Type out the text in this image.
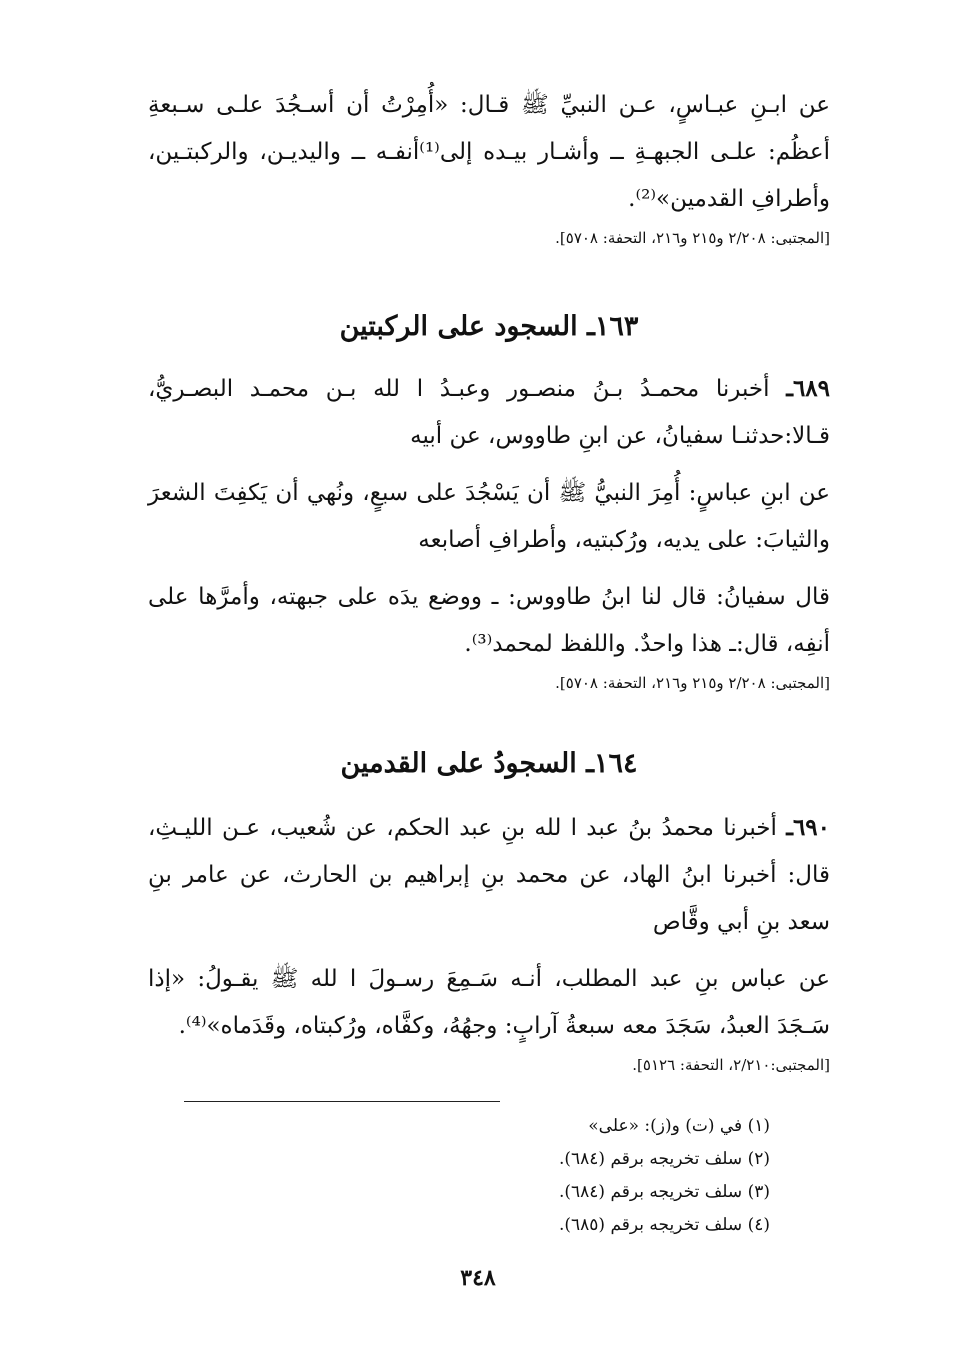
عن ابـنِ عبـاسٍ، عـن النبيِّ ﷺ قـال: «أُمِرْتُ أن أسـجُدَ علـى سـبعةِ أعظُم: علـى الجبهـةِ ــ وأشـار بيـده إلى⁽¹⁾أنفـه ــ واليديـن، والركبتـين، وأطرافِ القدمين»⁽²⁾.

[المجتبى: ٢/٢٠٨ و٢١٥ و٢١٦، التحفة: ٥٧٠٨].

١٦٣ـ السجود على الركبتين

٦٨٩ـ أخبرنا محمـدُ بـنُ منصـور وعبـدُ ا لله بـن محمـد البصـريُّ، قـالا:حدثنـا سفيانُ، عن ابنِ طاووس، عن أبيه

عن ابنِ عباسٍ: أُمِرَ النبيُّ ﷺ أن يَسْجُدَ على سبعٍ، ونُهي أن يَكفِتَ الشعرَ والثيابَ: على يديه، ورُكبتيه، وأطرافِ أصابعه

قال سفيانُ: قال لنا ابنُ طاووس: ـ ووضع يدَه على جبهته، وأمرَّها على أنفِه، قال:ـ هذا واحدٌ. واللفظ لمحمد⁽³⁾.

[المجتبى: ٢/٢٠٨ و٢١٥ و٢١٦، التحفة: ٥٧٠٨].

١٦٤ـ السجودُ على القدمين

٦٩٠ـ أخبرنا محمدُ بنُ عبد ا لله بنِ عبد الحكم، عن شُعيب، عـن الليـثِ، قال: أخبرنا ابنُ الهاد، عن محمد بنِ إبراهيم بن الحارث، عن عامر بنِ سعد بنِ أبي وقَّاص

عن عباس بنِ عبد المطلب، أنـه سَـمِعَ رسـولَ ا لله ﷺ يقـولُ: «إذا سَـجَدَ العبدُ، سَجَدَ معه سبعةُ آرابٍ: وجهُهُ، وكفَّاه، ورُكبتاه، وقَدَماه»⁽⁴⁾.

[المجتبى:٢/٢١٠، التحفة: ٥١٢٦].

(١) في (ت) و(ز): «على»
(٢) سلف تخريجه برقم (٦٨٤).
(٣) سلف تخريجه برقم (٦٨٤).
(٤) سلف تخريجه برقم (٦٨٥).
٣٤٨
